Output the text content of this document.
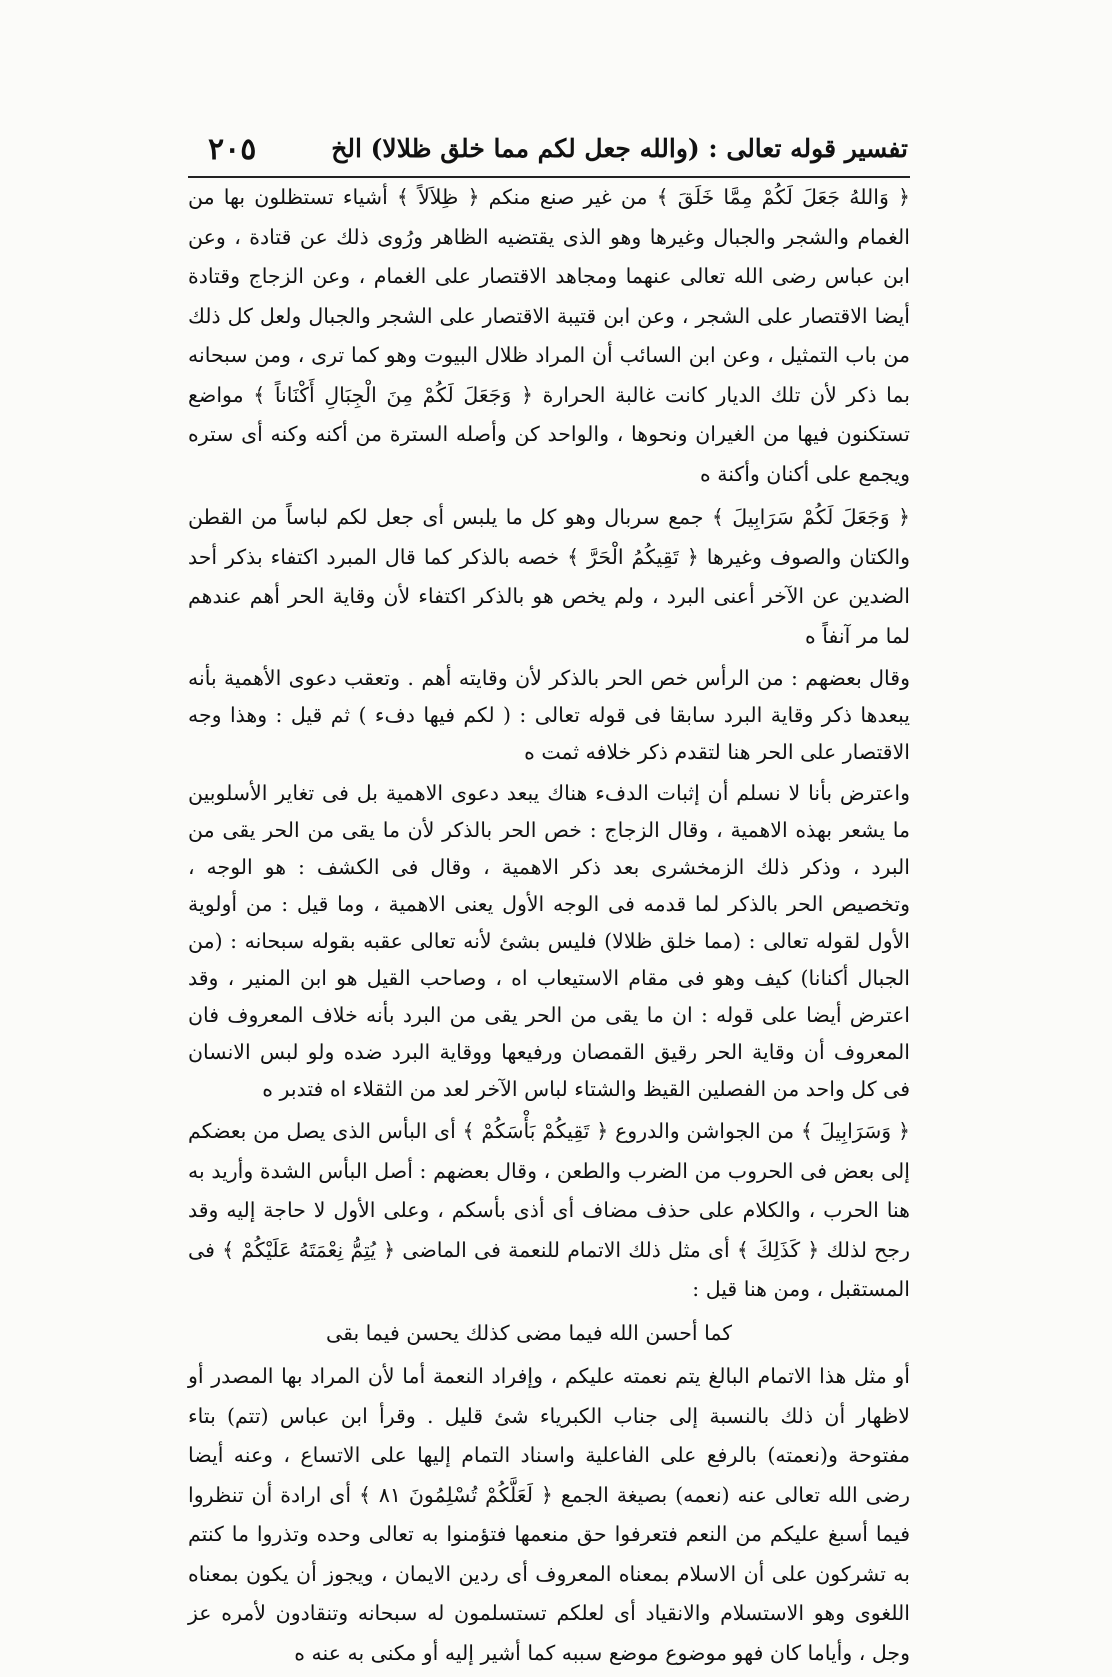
تفسير قوله تعالى : (والله جعل لكم مما خلق ظلالا) الخ
٢٠٥

﴿ وَاللهُ جَعَلَ لَكُمْ مِمَّا خَلَقَ ﴾ من غير صنع منكم ﴿ ظِلاَلاً ﴾ أشياء تستظلون بها من الغمام والشجر والجبال وغيرها وهو الذى يقتضيه الظاهر ورُوى ذلك عن قتادة ، وعن ابن عباس رضى الله تعالى عنهما ومجاهد الاقتصار على الغمام ، وعن الزجاج وقتادة أيضا الاقتصار على الشجر ، وعن ابن قتيبة الاقتصار على الشجر والجبال ولعل كل ذلك من باب التمثيل ، وعن ابن السائب أن المراد ظلال البيوت وهو كما ترى ، ومن سبحانه بما ذكر لأن تلك الديار كانت غالبة الحرارة ﴿ وَجَعَلَ لَكُمْ مِنَ الْجِبَالِ أَكْنَاناً ﴾ مواضع تستكنون فيها من الغيران ونحوها ، والواحد كن وأصله السترة من أكنه وكنه أى ستره ويجمع على أكنان وأكنة ه

﴿ وَجَعَلَ لَكُمْ سَرَابِيلَ ﴾ جمع سربال وهو كل ما يلبس أى جعل لكم لباساً من القطن والكتان والصوف وغيرها ﴿ تَقِيكُمُ الْحَرَّ ﴾ خصه بالذكر كما قال المبرد اكتفاء بذكر أحد الضدين عن الآخر أعنى البرد ، ولم يخص هو بالذكر اكتفاء لأن وقاية الحر أهم عندهم لما مر آنفاً ه

وقال بعضهم : من الرأس خص الحر بالذكر لأن وقايته أهم . وتعقب دعوى الأهمية بأنه يبعدها ذكر وقاية البرد سابقا فى قوله تعالى : ( لكم فيها دفء ) ثم قيل : وهذا وجه الاقتصار على الحر هنا لتقدم ذكر خلافه ثمت ه

واعترض بأنا لا نسلم أن إثبات الدفء هناك يبعد دعوى الاهمية بل فى تغاير الأسلوبين ما يشعر بهذه الاهمية ، وقال الزجاج : خص الحر بالذكر لأن ما يقى من الحر يقى من البرد ، وذكر ذلك الزمخشرى بعد ذكر الاهمية ، وقال فى الكشف : هو الوجه ، وتخصيص الحر بالذكر لما قدمه فى الوجه الأول يعنى الاهمية ، وما قيل : من أولوية الأول لقوله تعالى : (مما خلق ظلالا) فليس بشئ لأنه تعالى عقبه بقوله سبحانه : (من الجبال أكنانا) كيف وهو فى مقام الاستيعاب اه ، وصاحب القيل هو ابن المنير ، وقد اعترض أيضا على قوله : ان ما يقى من الحر يقى من البرد بأنه خلاف المعروف فان المعروف أن وقاية الحر رقيق القمصان ورفيعها ووقاية البرد ضده ولو لبس الانسان فى كل واحد من الفصلين القيظ والشتاء لباس الآخر لعد من الثقلاء اه فتدبر ه

﴿ وَسَرَابِيلَ ﴾ من الجواشن والدروع ﴿ تَقِيكُمْ بَأْسَكُمْ ﴾ أى البأس الذى يصل من بعضكم إلى بعض فى الحروب من الضرب والطعن ، وقال بعضهم : أصل البأس الشدة وأريد به هنا الحرب ، والكلام على حذف مضاف أى أذى بأسكم ، وعلى الأول لا حاجة إليه وقد رجح لذلك ﴿ كَذَلِكَ ﴾ أى مثل ذلك الاتمام للنعمة فى الماضى ﴿ يُتِمُّ نِعْمَتَهُ عَلَيْكُمْ ﴾ فى المستقبل ، ومن هنا قيل :

كما أحسن الله فيما مضى كذلك يحسن فيما بقى

أو مثل هذا الاتمام البالغ يتم نعمته عليكم ، وإفراد النعمة أما لأن المراد بها المصدر أو لاظهار أن ذلك بالنسبة إلى جناب الكبرياء شئ قليل . وقرأ ابن عباس (تتم) بتاء مفتوحة و(نعمته) بالرفع على الفاعلية واسناد التمام إليها على الاتساع ، وعنه أيضا رضى الله تعالى عنه (نعمه) بصيغة الجمع ﴿ لَعَلَّكُمْ تُسْلِمُونَ ٨١ ﴾ أى ارادة أن تنظروا فيما أسبغ عليكم من النعم فتعرفوا حق منعمها فتؤمنوا به تعالى وحده وتذروا ما كنتم به تشركون على أن الاسلام بمعناه المعروف أى ردين الايمان ، ويجوز أن يكون بمعناه اللغوى وهو الاستسلام والانقياد أى لعلكم تستسلمون له سبحانه وتنقادون لأمره عز وجل ، وأياما كان فهو موضوع موضع سببه كما أشير إليه أو مكنى به عنه ه
